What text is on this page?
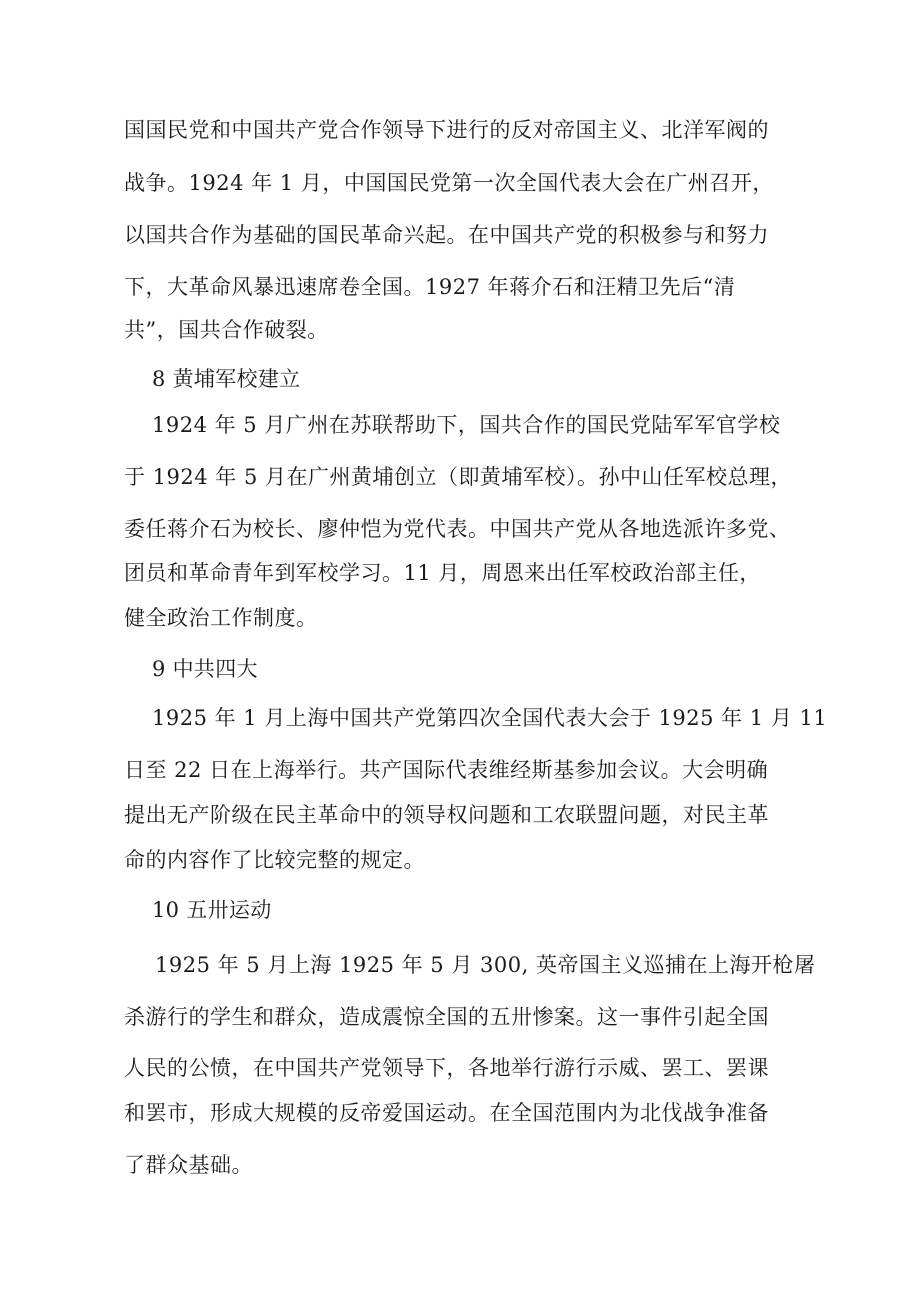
国国民党和中国共产党合作领导下进行的反对帝国主义、北洋军阀的
战争。1924 年 1 月，中国国民党第一次全国代表大会在广州召开，
以国共合作为基础的国民革命兴起。在中国共产党的积极参与和努力
下，大革命风暴迅速席卷全国。1927 年蒋介石和汪精卫先后“清
共”，国共合作破裂。
8 黄埔军校建立
1924 年 5 月广州在苏联帮助下，国共合作的国民党陆军军官学校
于 1924 年 5 月在广州黄埔创立（即黄埔军校）。孙中山任军校总理，
委任蒋介石为校长、廖仲恺为党代表。中国共产党从各地选派许多党、
团员和革命青年到军校学习。11 月，周恩来出任军校政治部主任，
健全政治工作制度。
9 中共四大
1925 年 1 月上海中国共产党第四次全国代表大会于 1925 年 1 月 11
日至 22 日在上海举行。共产国际代表维经斯基参加会议。大会明确
提出无产阶级在民主革命中的领导权问题和工农联盟问题，对民主革
命的内容作了比较完整的规定。
10 五卅运动
1925 年 5 月上海 1925 年 5 月 300, 英帝国主义巡捕在上海开枪屠
杀游行的学生和群众，造成震惊全国的五卅惨案。这一事件引起全国
人民的公愤，在中国共产党领导下，各地举行游行示威、罢工、罢课
和罢市，形成大规模的反帝爱国运动。在全国范围内为北伐战争准备
了群众基础。
